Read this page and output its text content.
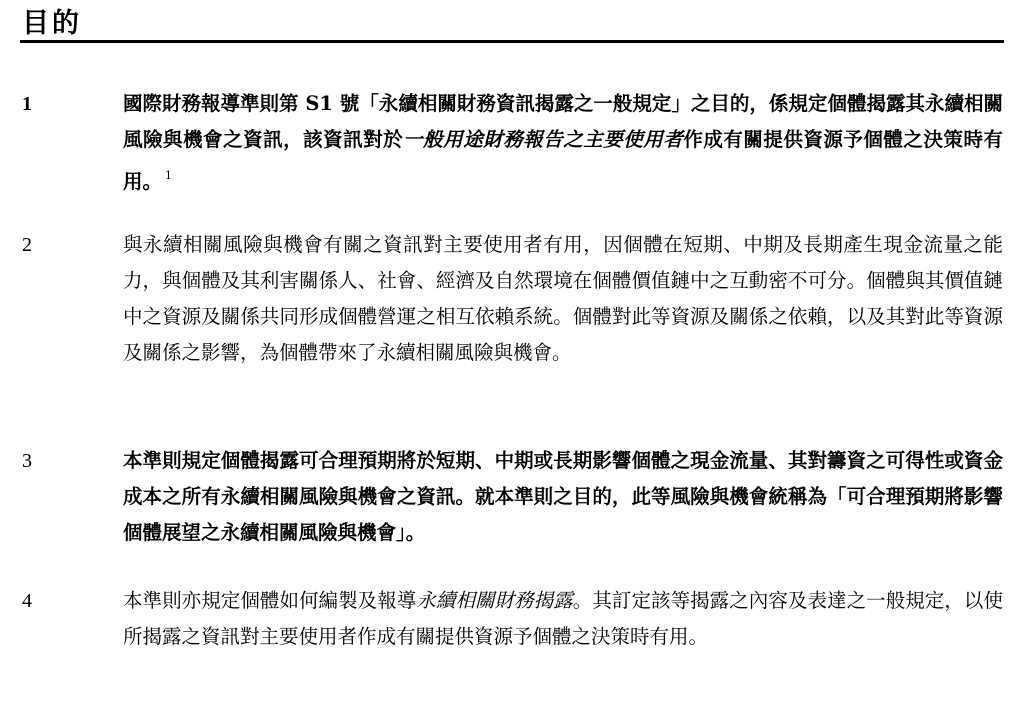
目的
1	國際財務報導準則第 S1 號「永續相關財務資訊揭露之一般規定」之目的，係規定個體揭露其永續相關風險與機會之資訊，該資訊對於一般用途財務報告之主要使用者作成有關提供資源予個體之決策時有用。 $^1$
2	與永續相關風險與機會有關之資訊對主要使用者有用，因個體在短期、中期及長期產生現金流量之能力，與個體及其利害關係人、社會、經濟及自然環境在個體價值鏈中之互動密不可分。個體與其價值鏈中之資源及關係共同形成個體營運之相互依賴系統。個體對此等資源及關係之依賴，以及其對此等資源及關係之影響，為個體帶來了永續相關風險與機會。
3	本準則規定個體揭露可合理預期將於短期、中期或長期影響個體之現金流量、其對籌資之可得性或資金成本之所有永續相關風險與機會之資訊。就本準則之目的，此等風險與機會統稱為「可合理預期將影響個體展望之永續相關風險與機會」。
4	本準則亦規定個體如何編製及報導永續相關財務揭露。其訂定該等揭露之內容及表達之一般規定，以使所揭露之資訊對主要使用者作成有關提供資源予個體之決策時有用。
